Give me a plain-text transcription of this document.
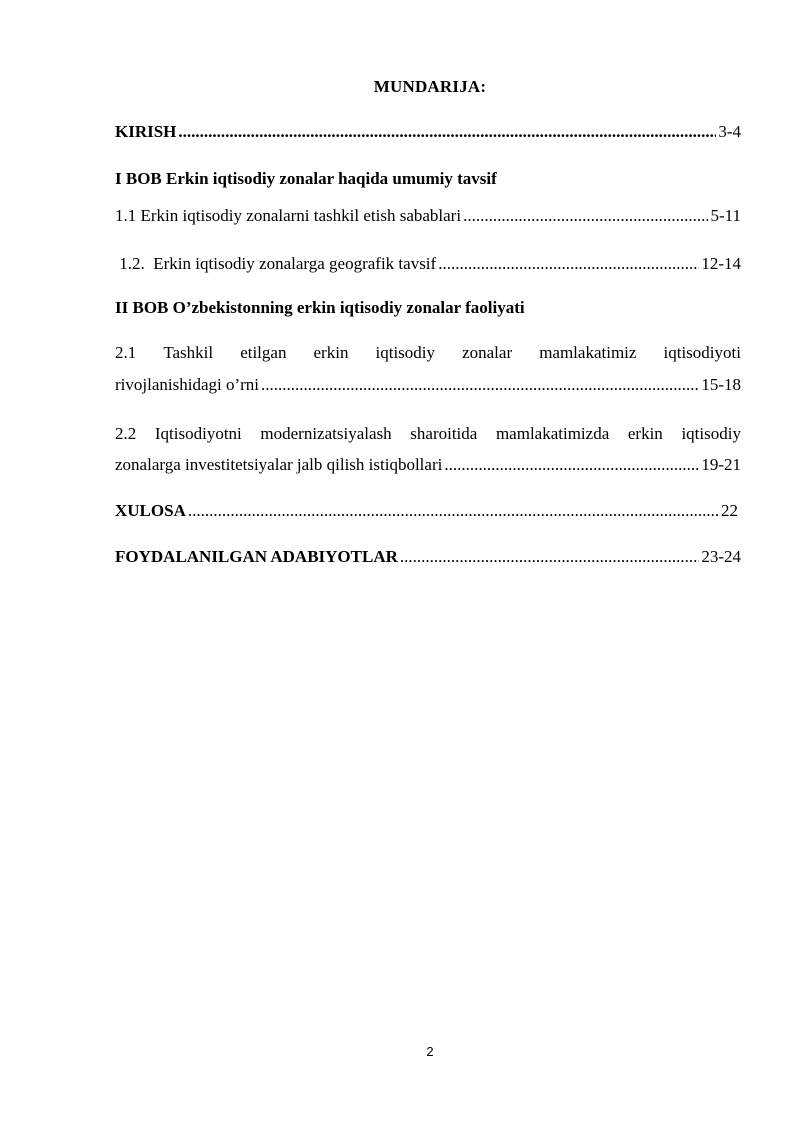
MUNDARIJA:
KIRISH .....	3-4
I BOB Erkin iqtisodiy zonalar haqida umumiy tavsif
1.1 Erkin iqtisodiy zonalarni tashkil etish sabablari .....	5-11
1.2.  Erkin iqtisodiy zonalarga geografik tavsif .....	12-14
II BOB O’zbekistonning erkin iqtisodiy zonalar faoliyati
2.1 Tashkil etilgan erkin iqtisodiy zonalar mamlakatimiz iqtisodiyoti
rivojlanishidagi o’rni .....	15-18
2.2 Iqtisodiyotni modernizatsiyalash sharoitida mamlakatimizda erkin iqtisodiy
zonalarga investitetsiyalar jalb qilish istiqbollari .....	19-21
XULOSA .....	22
FOYDALANILGAN ADABIYOTLAR .....	23-24
2
